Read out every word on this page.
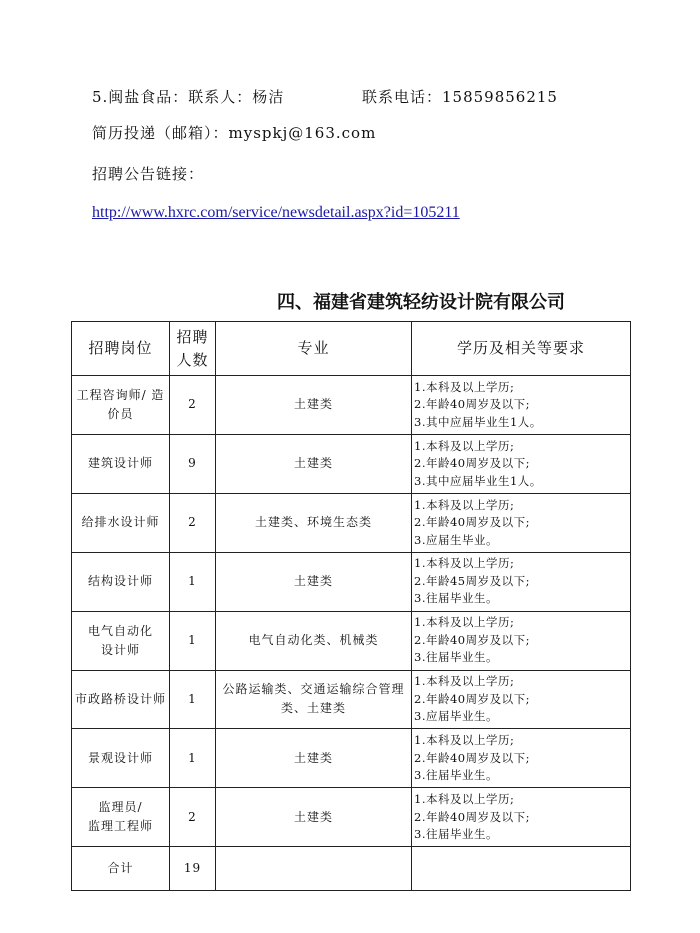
5.闽盐食品：联系人：杨洁	联系电话：15859856215
简历投递（邮箱）：myspkj@163.com
招聘公告链接：
http://www.hxrc.com/service/newsdetail.aspx?id=105211
四、福建省建筑轻纺设计院有限公司
招聘岗位	招聘人数	专业	学历及相关等要求

工程咨询师/ 造
价员	2	土建类	1.本科及以上学历;
2.年龄40周岁及以下;
3.其中应届毕业生1人。

建筑设计师	9	土建类	1.本科及以上学历;
2.年龄40周岁及以下;
3.其中应届毕业生1人。

给排水设计师	2	土建类、环境生态类	1.本科及以上学历;
2.年龄40周岁及以下;
3.应届生毕业。

结构设计师	1	土建类	1.本科及以上学历;
2.年龄45周岁及以下;
3.往届毕业生。

电气自动化
设计师	1	电气自动化类、机械类	1.本科及以上学历;
2.年龄40周岁及以下;
3.往届毕业生。

市政路桥设计师	1	公路运输类、交通运输综合管理
类、土建类	1.本科及以上学历;
2.年龄40周岁及以下;
3.应届毕业生。

景观设计师	1	土建类	1.本科及以上学历;
2.年龄40周岁及以下;
3.往届毕业生。

监理员/
监理工程师	2	土建类	1.本科及以上学历;
2.年龄40周岁及以下;
3.往届毕业生。

合计	19		
